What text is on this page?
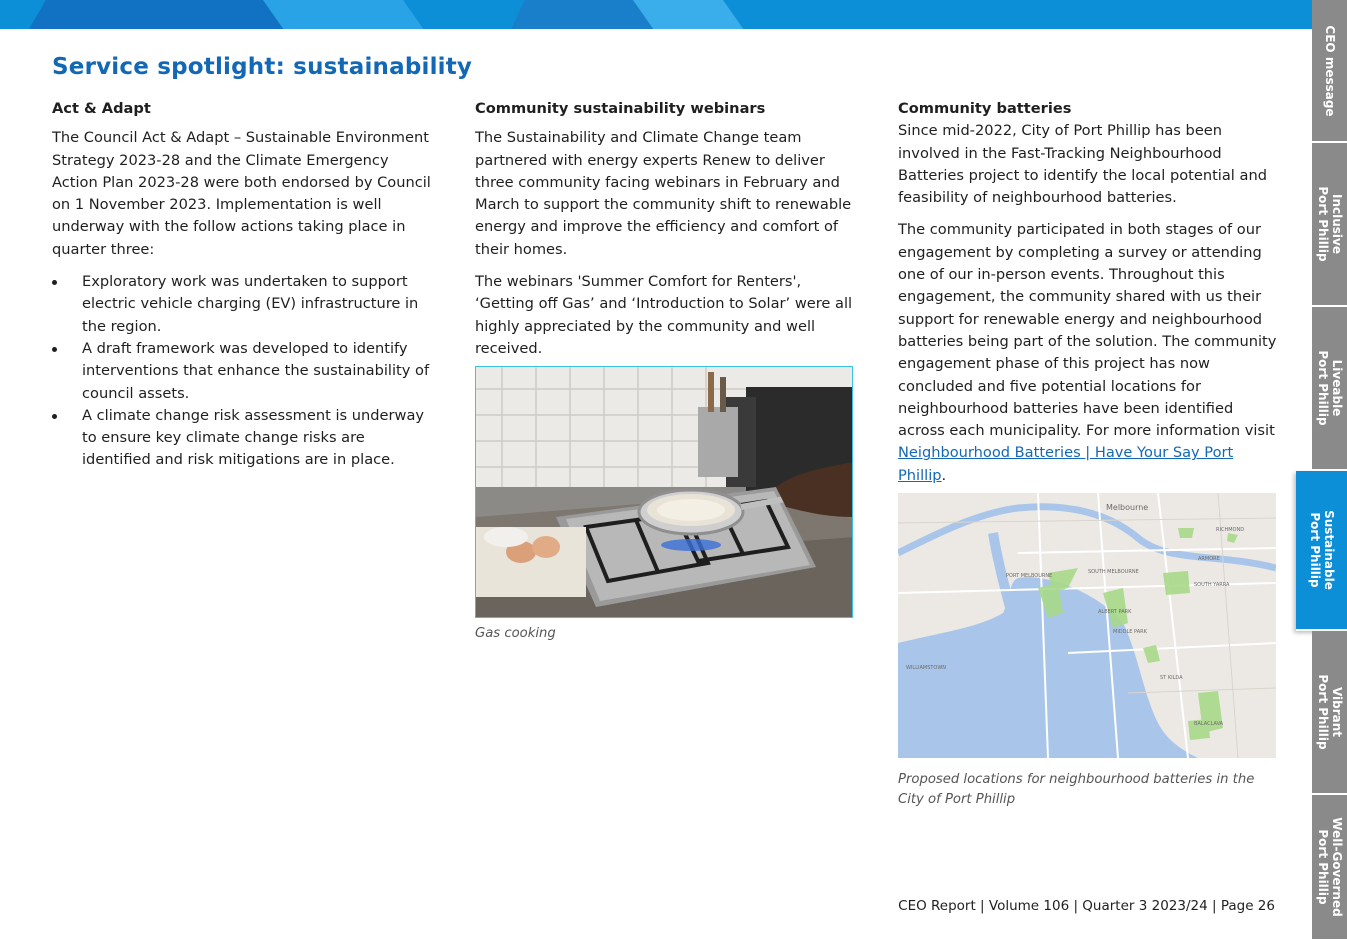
Service spotlight: sustainability
Act & Adapt

The Council Act & Adapt – Sustainable Environment Strategy 2023-28 and the Climate Emergency Action Plan 2023-28 were both endorsed by Council on 1 November 2023. Implementation is well underway with the follow actions taking place in quarter three:

Exploratory work was undertaken to support electric vehicle charging (EV) infrastructure in the region.
A draft framework was developed to identify interventions that enhance the sustainability of council assets.
A climate change risk assessment is underway to ensure key climate change risks are identified and risk mitigations are in place.
Community sustainability webinars

The Sustainability and Climate Change team partnered with energy experts Renew to deliver three community facing webinars in February and March to support the community shift to renewable energy and improve the efficiency and comfort of their homes.

The webinars 'Summer Comfort for Renters', ‘Getting off Gas’ and ‘Introduction to Solar’ were all highly appreciated by the community and well received.

Gas cooking
Community batteries

Since mid-2022, City of Port Phillip has been involved in the Fast-Tracking Neighbourhood Batteries project to identify the local potential and feasibility of neighbourhood batteries.

The community participated in both stages of our engagement by completing a survey or attending one of our in-person events. Throughout this engagement, the community shared with us their support for renewable energy and neighbourhood batteries being part of the solution. The community engagement phase of this project has now concluded and five potential locations for neighbourhood batteries have been identified across each municipality. For more information visit Neighbourhood Batteries | Have Your Say Port Phillip.

Melbourne
RICHMOND
ARMORE
PORT MELBOURNE
SOUTH MELBOURNE
SOUTH YARRA
ALBERT PARK
MIDDLE PARK
WILLIAMSTOWN
ST KILDA
BALACLAVA
Proposed locations for neighbourhood batteries in the City of Port Phillip
CEO Report | Volume 106 | Quarter 3 2023/24 | Page 26
CEO message
Inclusive
Port Phillip
Liveable
Port Phillip
Sustainable
Port Phillip
Vibrant
Port Phillip
Well-Governed
Port Phillip
